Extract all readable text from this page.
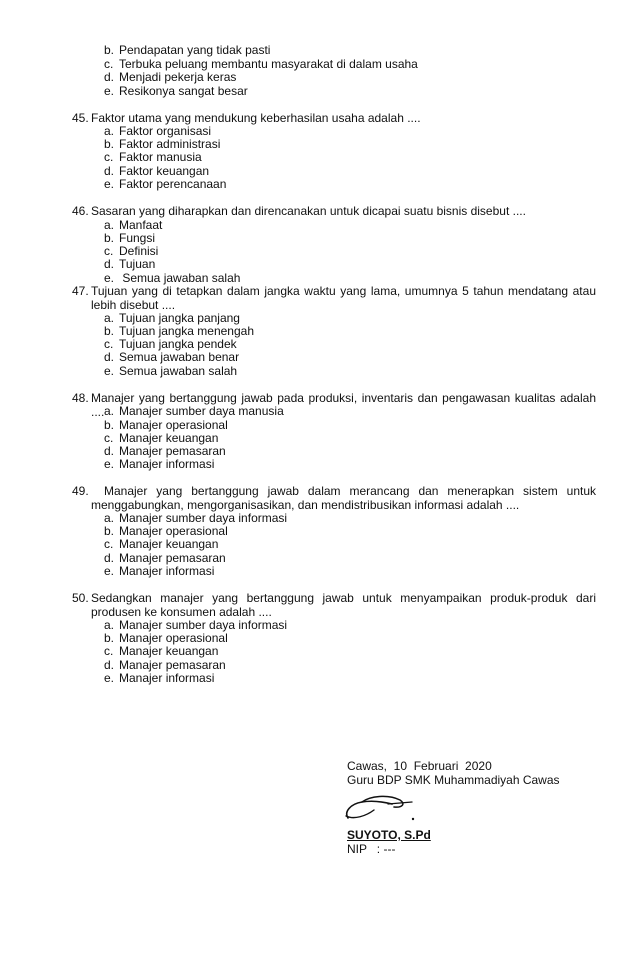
b. Pendapatan yang tidak pasti
c. Terbuka peluang membantu masyarakat di dalam usaha
d. Menjadi pekerja keras
e. Resikonya sangat besar
45. Faktor utama yang mendukung keberhasilan usaha adalah ....
a. Faktor organisasi
b. Faktor administrasi
c. Faktor manusia
d. Faktor keuangan
e. Faktor perencanaan
46. Sasaran yang diharapkan dan direncanakan untuk dicapai suatu bisnis disebut ....
a. Manfaat
b. Fungsi
c. Definisi
d. Tujuan
e. Semua jawaban salah
47. Tujuan yang di tetapkan dalam jangka waktu yang lama, umumnya 5 tahun mendatang atau lebih disebut ....
a. Tujuan jangka panjang
b. Tujuan jangka menengah
c. Tujuan jangka pendek
d. Semua jawaban benar
e. Semua jawaban salah
48. Manajer yang bertanggung jawab pada produksi, inventaris dan pengawasan kualitas adalah .... a. Manajer sumber daya manusia
b. Manajer operasional
c. Manajer keuangan
d. Manajer pemasaran
e. Manajer informasi
49.	Manajer yang bertanggung jawab dalam merancang dan menerapkan sistem untuk menggabungkan, mengorganisasikan, dan mendistribusikan informasi adalah ....
a. Manajer sumber daya informasi
b. Manajer operasional
c. Manajer keuangan
d. Manajer pemasaran
e. Manajer informasi
50. Sedangkan manajer yang bertanggung jawab untuk menyampaikan produk-produk dari produsen ke konsumen adalah ....
a. Manajer sumber daya informasi
b. Manajer operasional
c. Manajer keuangan
d. Manajer pemasaran
e. Manajer informasi
Cawas,  10  Februari  2020
Guru BDP SMK Muhammadiyah Cawas
SUYOTO, S.Pd
NIP   : ---
